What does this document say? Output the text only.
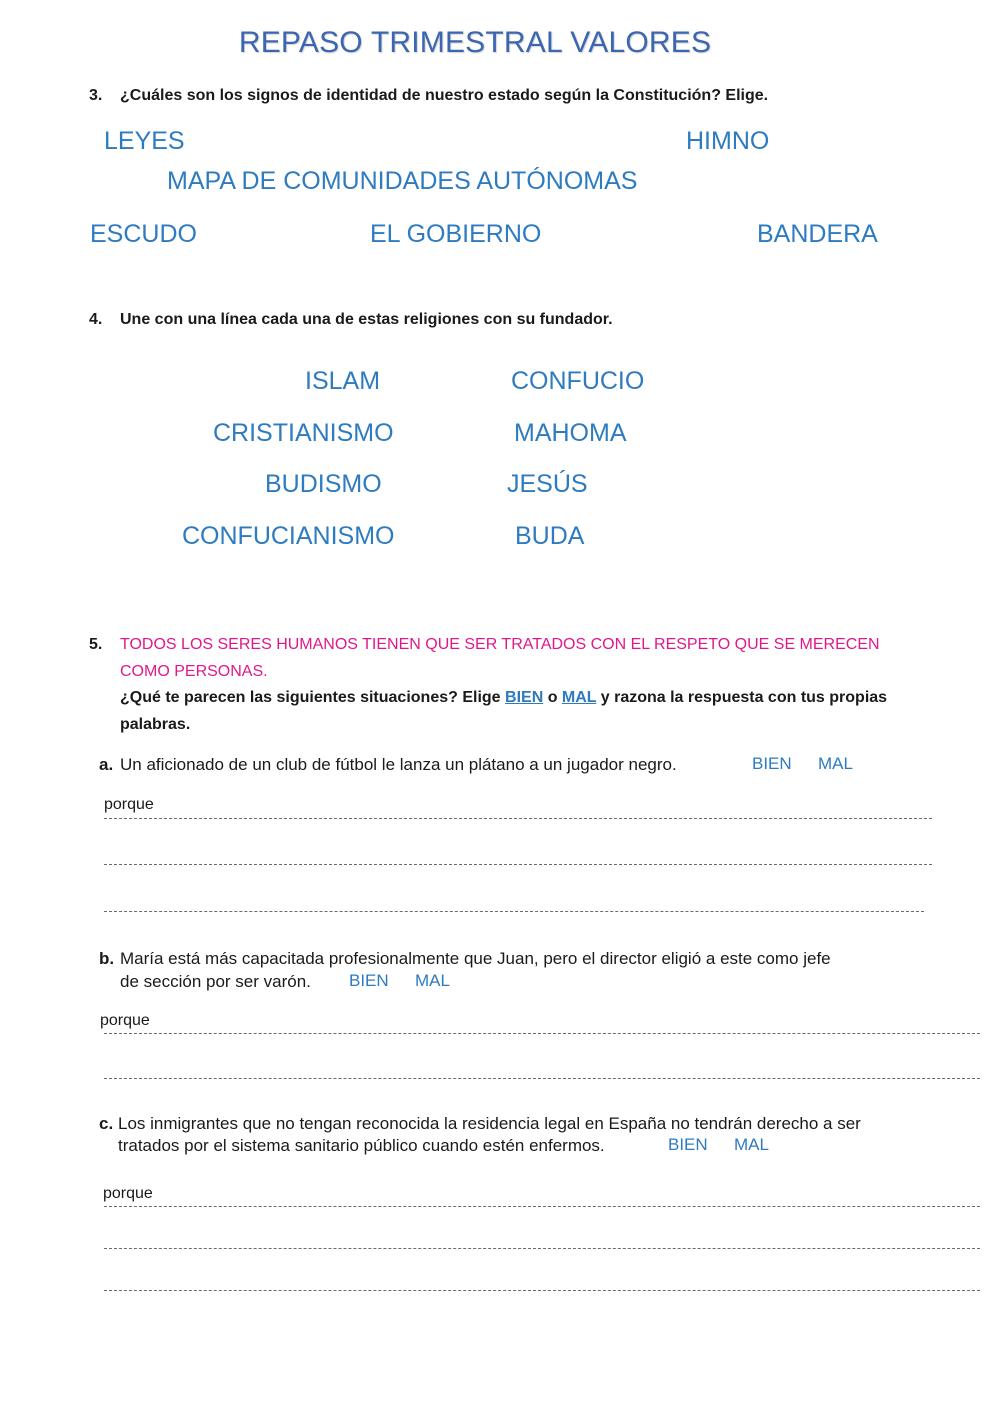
REPASO TRIMESTRAL VALORES
3. ¿Cuáles son los signos de identidad de nuestro estado según la Constitución? Elige.
LEYES	HIMNO
MAPA DE COMUNIDADES AUTÓNOMAS
ESCUDO	EL GOBIERNO	BANDERA
4. Une con una línea cada una de estas religiones con su fundador.
ISLAM
CRISTIANISMO
BUDISMO
CONFUCIANISMO
CONFUCIO
MAHOMA
JESÚS
BUDA
5. TODOS LOS SERES HUMANOS TIENEN QUE SER TRATADOS CON EL RESPETO QUE SE MERECEN
COMO PERSONAS.
¿Qué te parecen las siguientes situaciones? Elige BIEN o MAL y razona la respuesta con tus propias
palabras.
a. Un aficionado de un club de fútbol le lanza un plátano a un jugador negro.	BIEN MAL
porque
b. María está más capacitada profesionalmente que Juan, pero el director eligió a este como jefe
de sección por ser varón. BIEN MAL
porque
c. Los inmigrantes que no tengan reconocida la residencia legal en España no tendrán derecho a ser
tratados por el sistema sanitario público cuando estén enfermos.	BIEN MAL
porque
